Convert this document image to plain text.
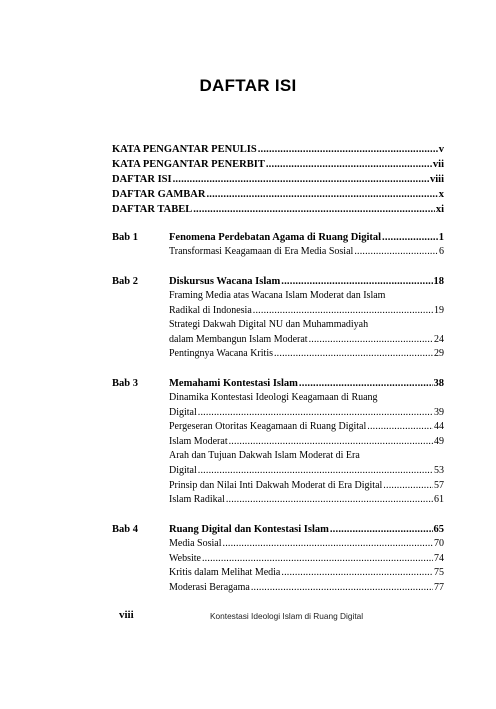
DAFTAR ISI
KATA PENGANTAR PENULIS .....	v
KATA PENGANTAR PENERBIT .....	vii
DAFTAR ISI .....	viii
DAFTAR GAMBAR .....	x
DAFTAR TABEL .....	xi
Bab 1	Fenomena Perdebatan Agama di Ruang Digital .....	1
Transformasi Keagamaan di Era Media Sosial .....	6
Bab 2	Diskursus Wacana Islam .....	18
Framing Media atas Wacana Islam Moderat dan Islam
Radikal di Indonesia .....	19
Strategi Dakwah Digital NU dan Muhammadiyah
dalam Membangun Islam Moderat .....	24
Pentingnya Wacana Kritis .....	29
Bab 3	Memahami Kontestasi Islam .....	38
Dinamika Kontestasi Ideologi Keagamaan di Ruang
Digital .....	39
Pergeseran Otoritas Keagamaan di Ruang Digital .....	44
Islam Moderat .....	49
Arah dan Tujuan Dakwah Islam Moderat di Era
Digital .....	53
Prinsip dan Nilai Inti Dakwah Moderat di Era Digital .....	57
Islam Radikal .....	61
Bab 4	Ruang Digital dan Kontestasi Islam .....	65
Media Sosial .....	70
Website .....	74
Kritis dalam Melihat Media .....	75
Moderasi Beragama .....	77
viii	Kontestasi Ideologi Islam di Ruang Digital
